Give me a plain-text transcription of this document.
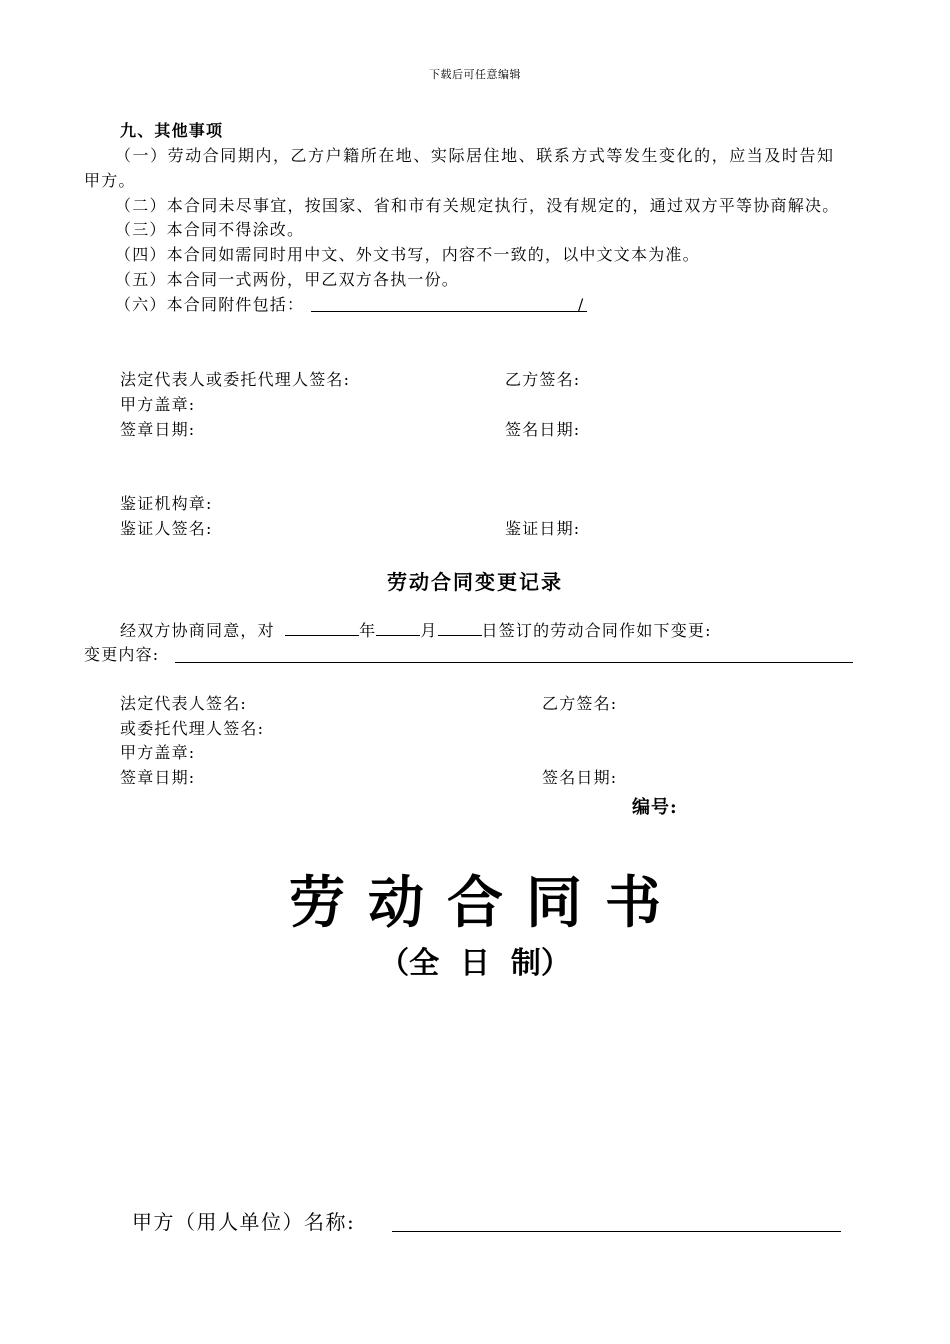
下载后可任意编辑
九、其他事项
（一）劳动合同期内，乙方户籍所在地、实际居住地、联系方式等发生变化的，应当及时告知
甲方。
（二）本合同未尽事宜，按国家、省和市有关规定执行，没有规定的，通过双方平等协商解决。
（三）本合同不得涂改。
（四）本合同如需同时用中文、外文书写，内容不一致的，以中文文本为准。
（五）本合同一式两份，甲乙双方各执一份。
（六）本合同附件包括：	/
法定代表人或委托代理人签名:	乙方签名:
甲方盖章:
签章日期:	签名日期:
鉴证机构章:
鉴证人签名:	鉴证日期:
劳动合同变更记录
经双方协商同意，对	年	月	日签订的劳动合同作如下变更:
变更内容:
法定代表人签名:	乙方签名:
或委托代理人签名:
甲方盖章:
签章日期:	签名日期:
编号:
劳 动 合 同 书
（全  日  制）
甲方（用人单位）名称:
